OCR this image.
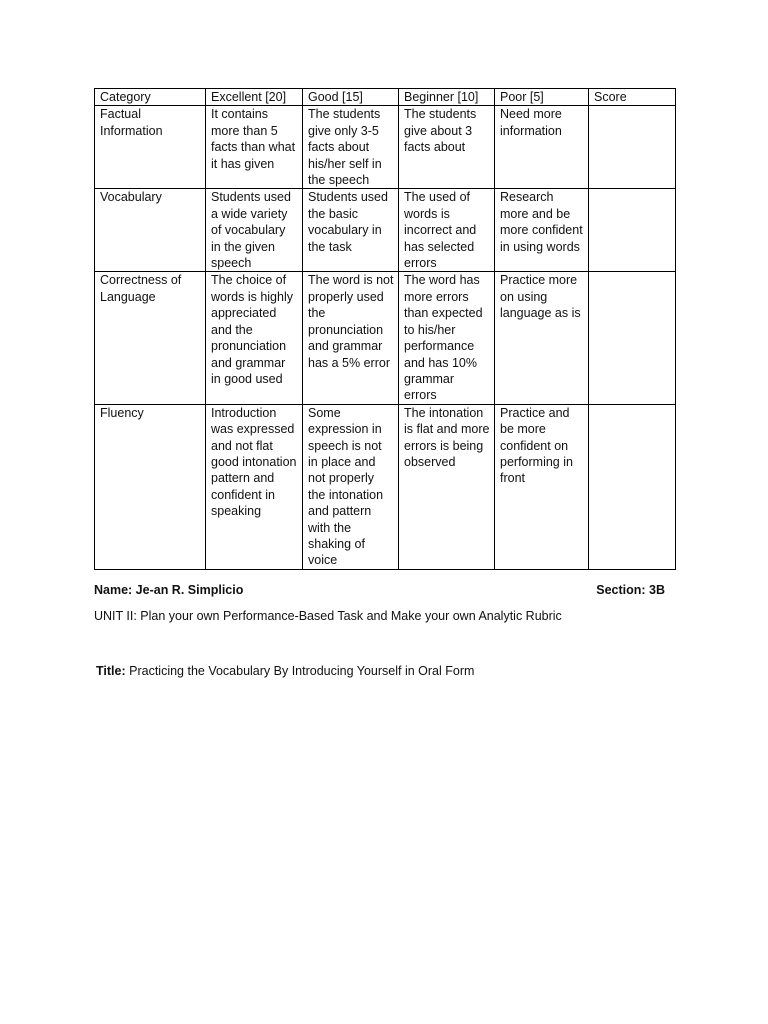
Category	Excellent [20]	Good [15]	Beginner [10]	Poor [5]	Score
Factual Information	It contains more than 5 facts than what it has given	The students give only 3-5 facts about his/her self in the speech	The students give about 3 facts about	Need more information	
Vocabulary	Students used a wide variety of vocabulary in the given speech	Students used the basic vocabulary in the task	The used of words is incorrect and has selected errors	Research more and be more confident in using words	
Correctness of Language	The choice of words is highly appreciated and the pronunciation and grammar in good used	The word is not properly used the pronunciation and grammar has a 5% error	The word has more errors than expected to his/her performance and has 10% grammar errors	Practice more on using language as is	
Fluency	Introduction was expressed and not flat good intonation pattern and confident in speaking	Some expression in speech is not in place and not properly the intonation and pattern with the shaking of voice	The intonation is flat and more errors is being observed	Practice and be more confident on performing in front	
Name: Je-an R. Simplicio	Section: 3B
UNIT II: Plan your own Performance-Based Task and Make your own Analytic Rubric
Title: Practicing the Vocabulary By Introducing Yourself in Oral Form
